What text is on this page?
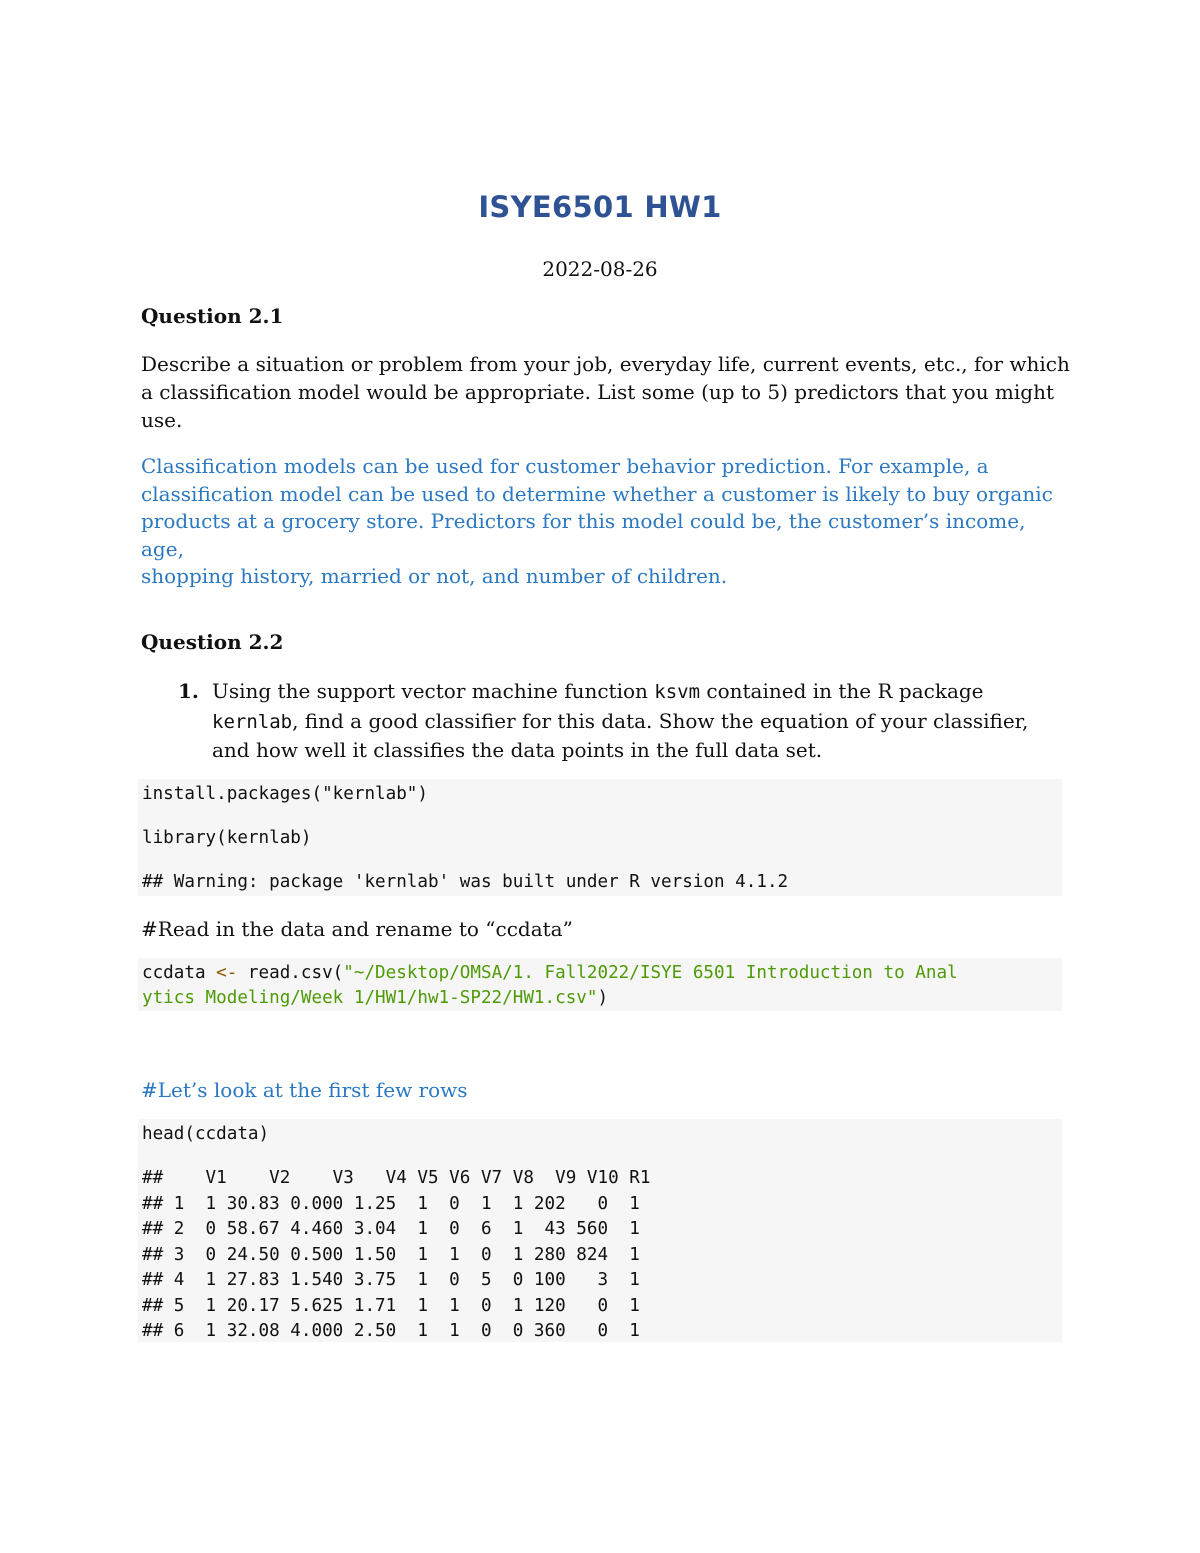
ISYE6501 HW1
2022-08-26
Question 2.1
Describe a situation or problem from your job, everyday life, current events, etc., for which
a classification model would be appropriate. List some (up to 5) predictors that you might
use.
Classification models can be used for customer behavior prediction. For example, a
classification model can be used to determine whether a customer is likely to buy organic
products at a grocery store. Predictors for this model could be, the customer’s income, age,
shopping history, married or not, and number of children.
Question 2.2
1. Using the support vector machine function ksvm contained in the R package
kernlab, find a good classifier for this data. Show the equation of your classifier,
and how well it classifies the data points in the full data set.
install.packages("kernlab")
library(kernlab)
## Warning: package 'kernlab' was built under R version 4.1.2
#Read in the data and rename to “ccdata”
ccdata <- read.csv("~/Desktop/OMSA/1. Fall2022/ISYE 6501 Introduction to Anal
ytics Modeling/Week 1/HW1/hw1-SP22/HW1.csv")
#Let’s look at the first few rows
head(ccdata)
##    V1    V2    V3   V4 V5 V6 V7 V8  V9 V10 R1
## 1  1 30.83 0.000 1.25  1  0  1  1 202   0  1
## 2  0 58.67 4.460 3.04  1  0  6  1  43 560  1
## 3  0 24.50 0.500 1.50  1  1  0  1 280 824  1
## 4  1 27.83 1.540 3.75  1  0  5  0 100   3  1
## 5  1 20.17 5.625 1.71  1  1  0  1 120   0  1
## 6  1 32.08 4.000 2.50  1  1  0  0 360   0  1
